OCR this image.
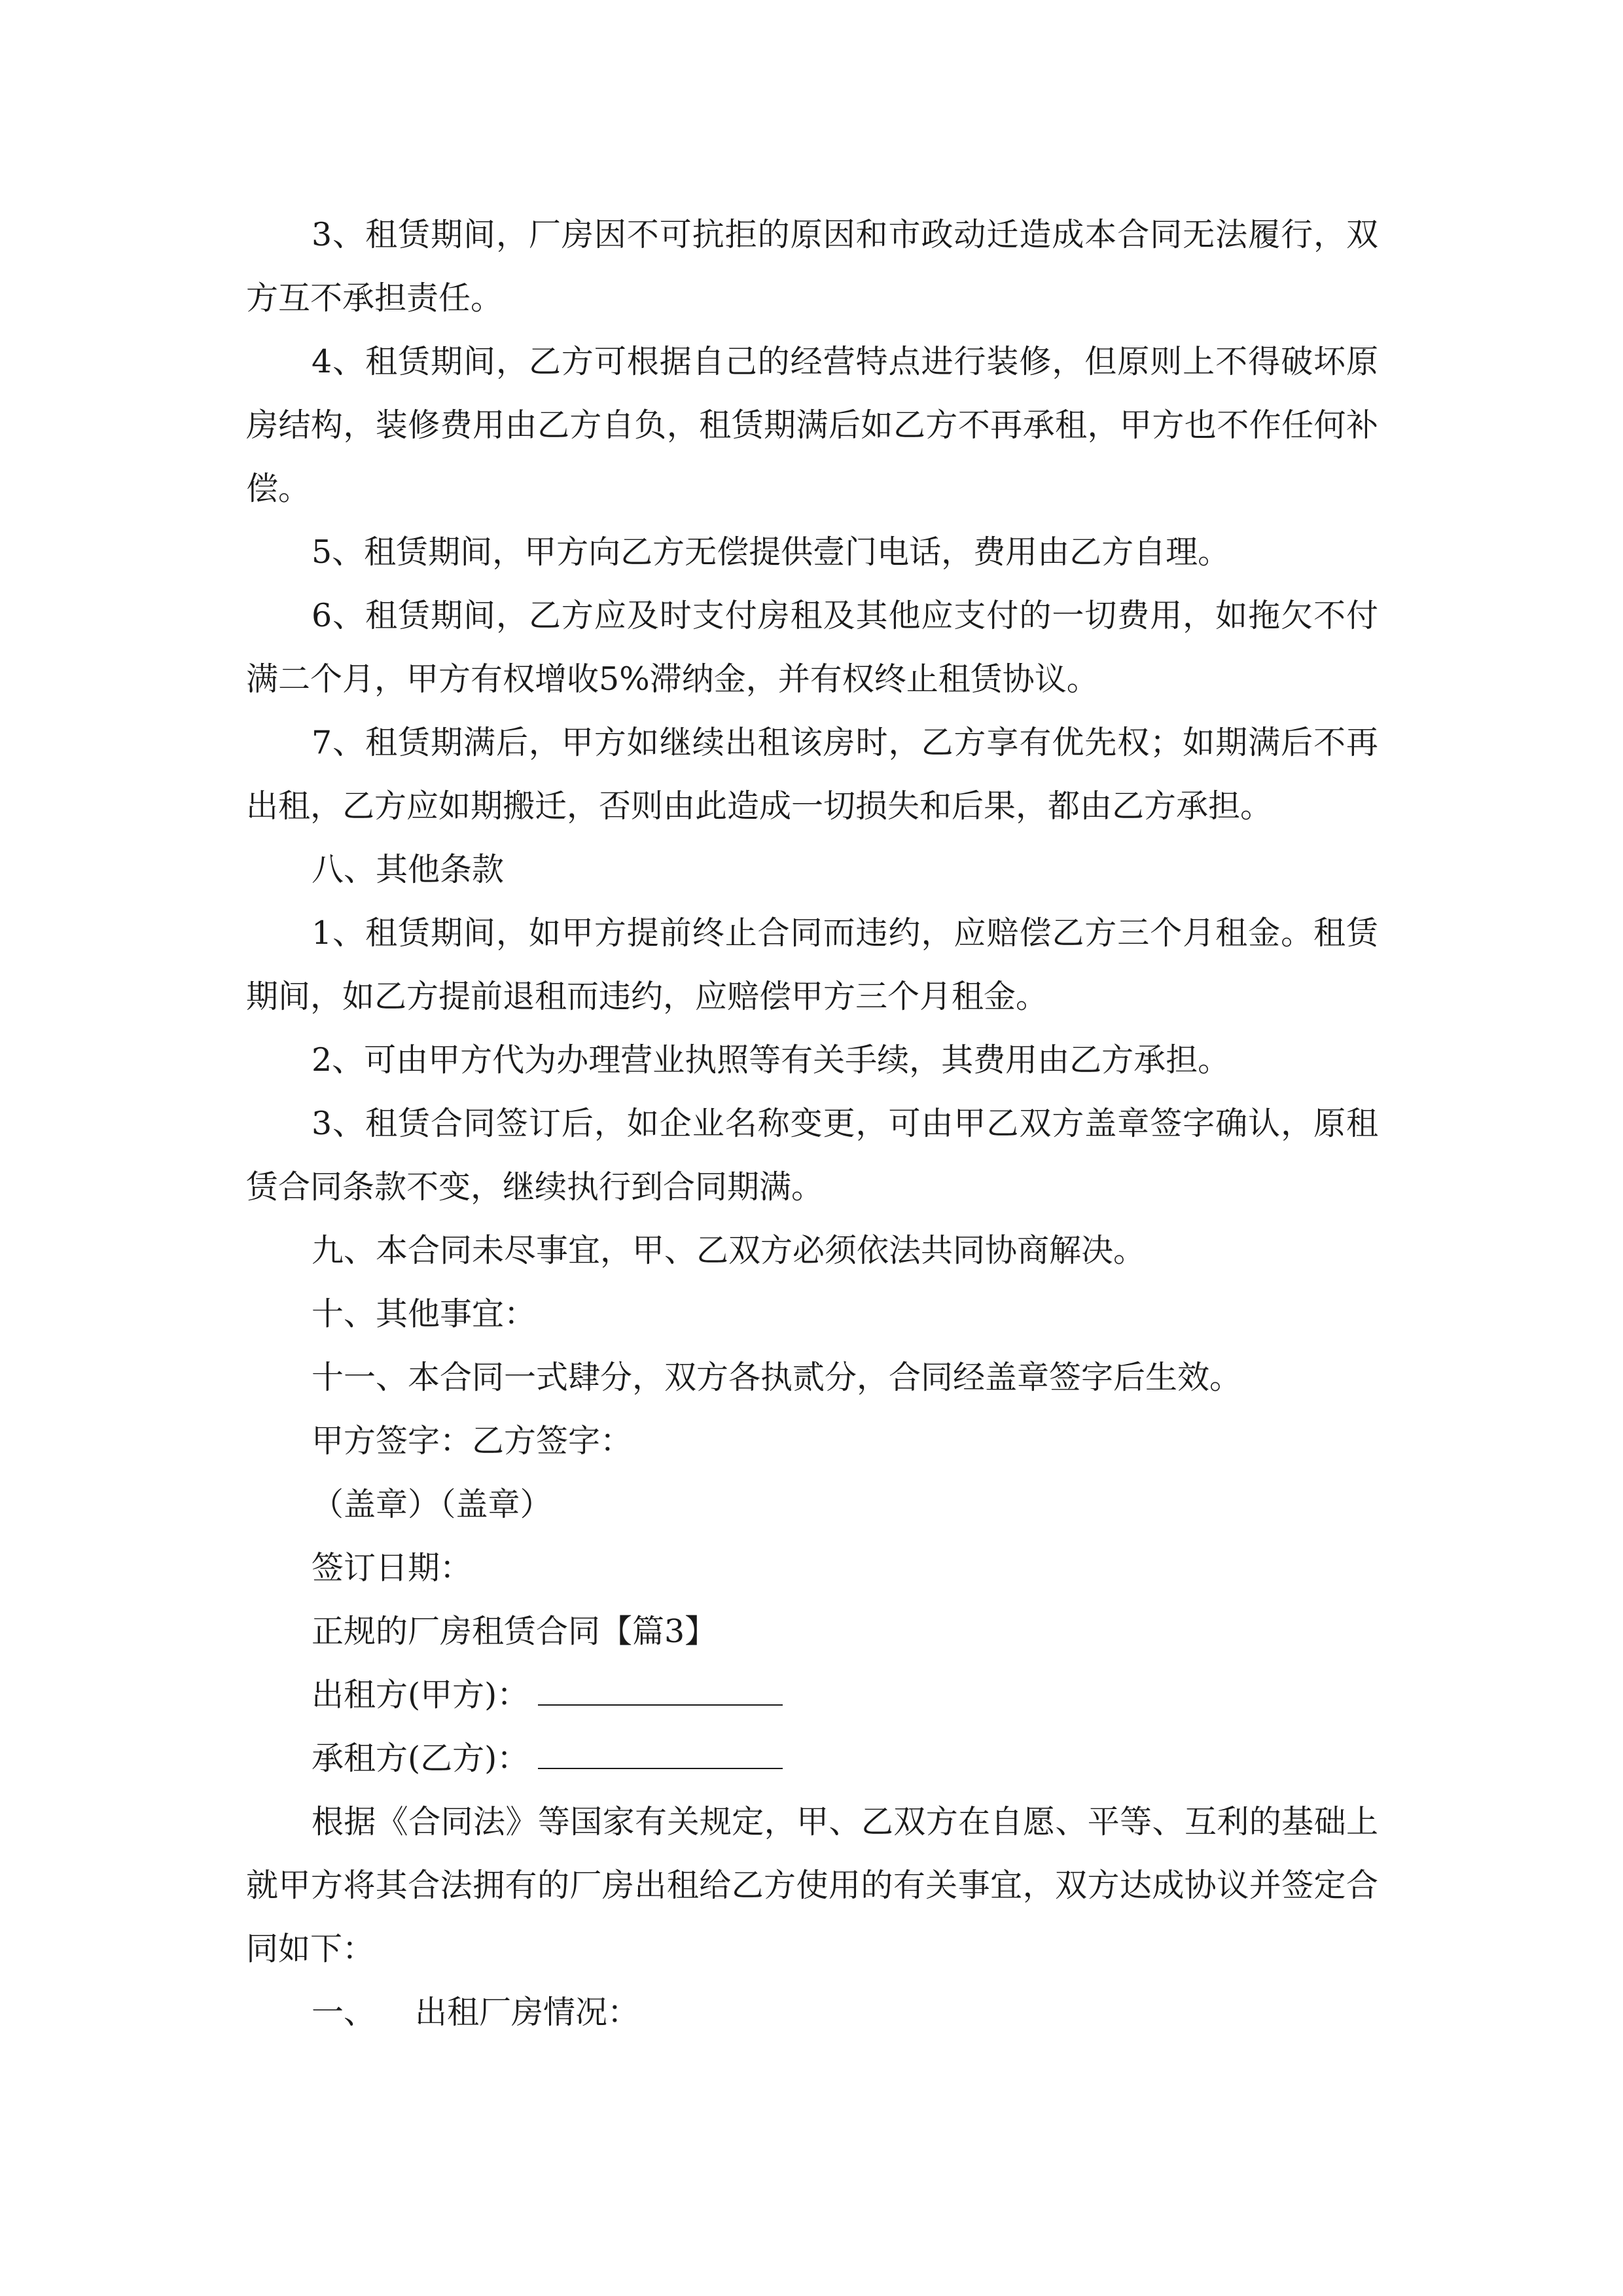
3、租赁期间，厂房因不可抗拒的原因和市政动迁造成本合同无法履行，双方互不承担责任。

4、租赁期间，乙方可根据自己的经营特点进行装修，但原则上不得破坏原房结构，装修费用由乙方自负，租赁期满后如乙方不再承租，甲方也不作任何补偿。

5、租赁期间，甲方向乙方无偿提供壹门电话，费用由乙方自理。

6、租赁期间，乙方应及时支付房租及其他应支付的一切费用，如拖欠不付满二个月，甲方有权增收5%滞纳金，并有权终止租赁协议。

7、租赁期满后，甲方如继续出租该房时，乙方享有优先权；如期满后不再出租，乙方应如期搬迁，否则由此造成一切损失和后果，都由乙方承担。

八、其他条款

1、租赁期间，如甲方提前终止合同而违约，应赔偿乙方三个月租金。租赁期间，如乙方提前退租而违约，应赔偿甲方三个月租金。

2、可由甲方代为办理营业执照等有关手续，其费用由乙方承担。

3、租赁合同签订后，如企业名称变更，可由甲乙双方盖章签字确认，原租赁合同条款不变，继续执行到合同期满。

九、本合同未尽事宜，甲、乙双方必须依法共同协商解决。

十、其他事宜：

十一、本合同一式肆分，双方各执贰分，合同经盖章签字后生效。

甲方签字：乙方签字：

（盖章）（盖章）

签订日期：

正规的厂房租赁合同【篇3】

出租方(甲方)：

承租方(乙方)：

根据《合同法》等国家有关规定，甲、乙双方在自愿、平等、互利的基础上就甲方将其合法拥有的厂房出租给乙方使用的有关事宜，双方达成协议并签定合同如下：

一、 出租厂房情况：
